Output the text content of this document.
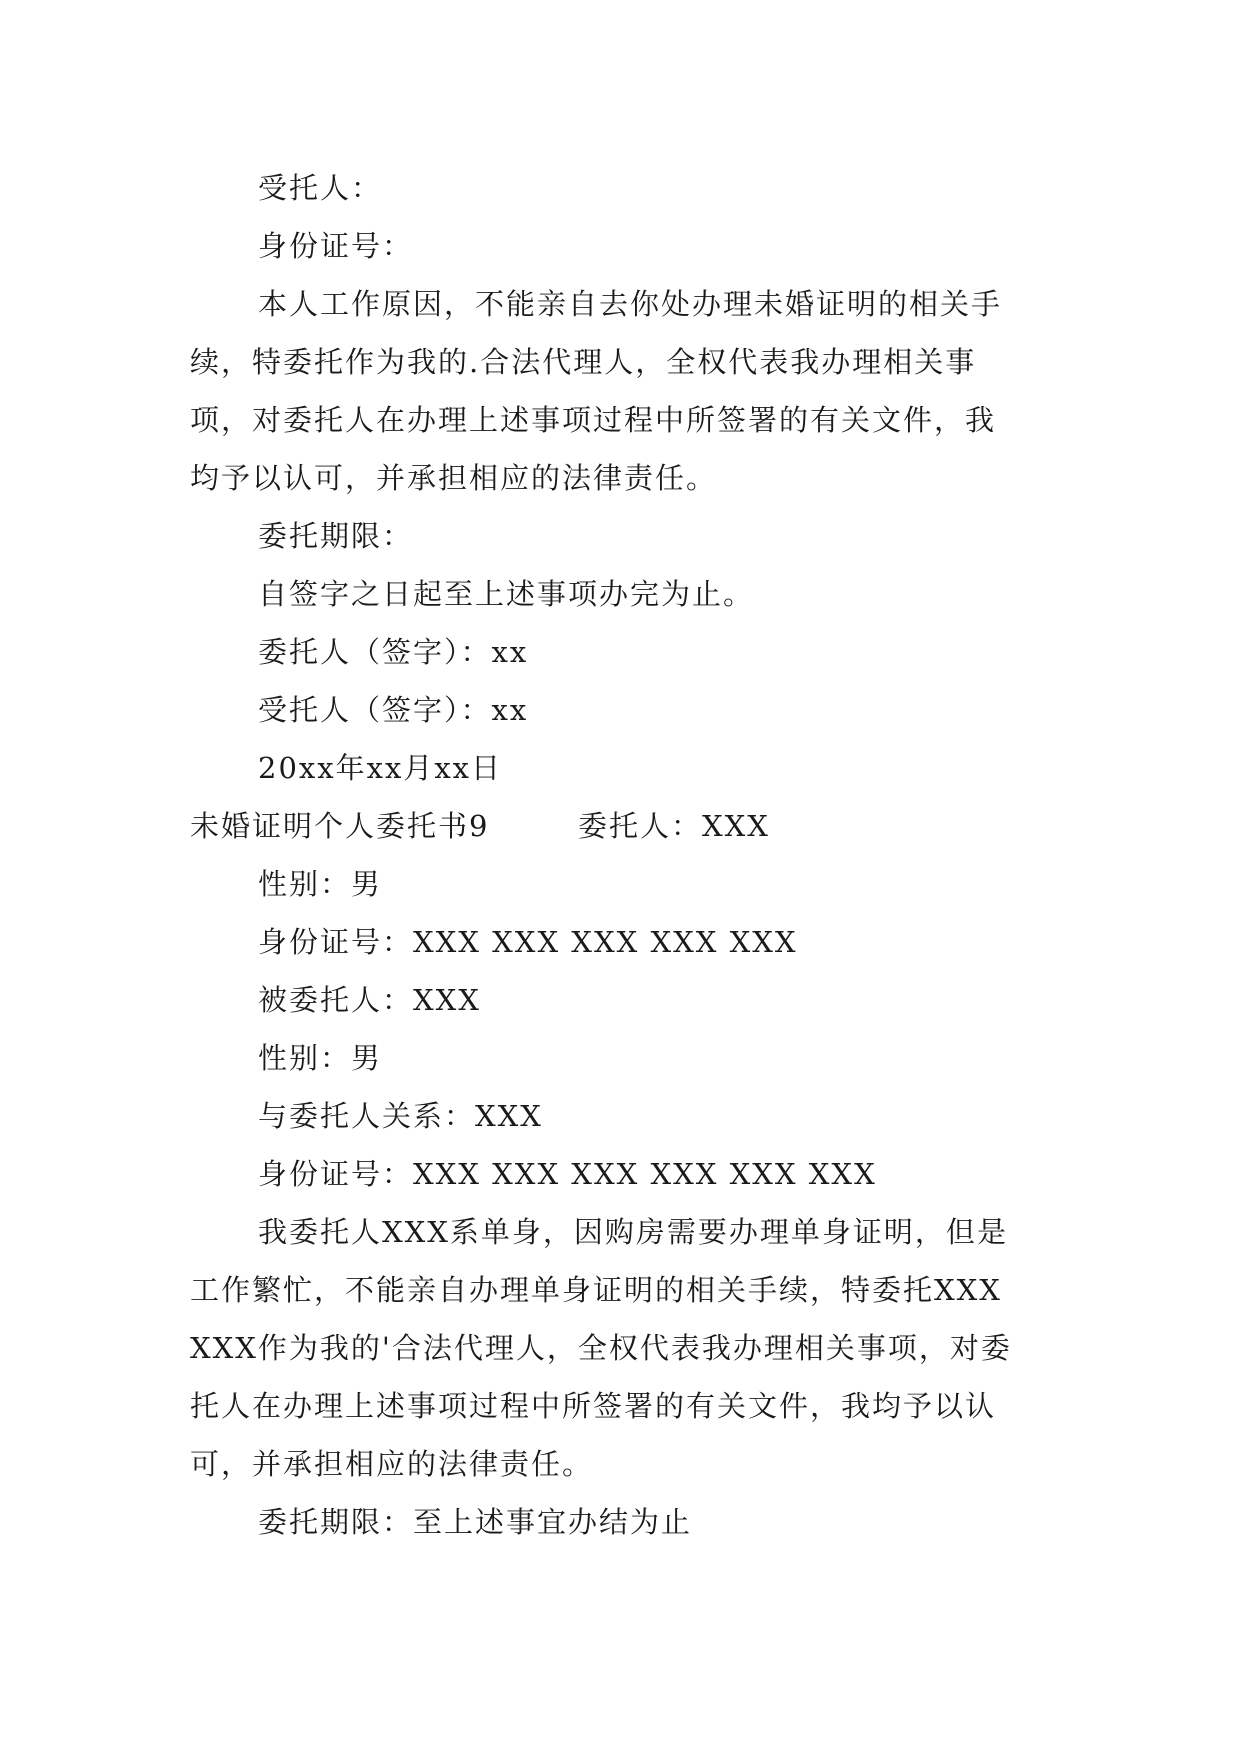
受托人：
身份证号：
本人工作原因，不能亲自去你处办理未婚证明的相关手
续，特委托作为我的.合法代理人，全权代表我办理相关事
项，对委托人在办理上述事项过程中所签署的有关文件，我
均予以认可，并承担相应的法律责任。
委托期限：
自签字之日起至上述事项办完为止。
委托人（签字）：xx
受托人（签字）：xx
20xx年xx月xx日
未婚证明个人委托书9	委托人：XXX
性别：男
身份证号：XXX XXX XXX XXX XXX
被委托人：XXX
性别：男
与委托人关系：XXX
身份证号：XXX XXX XXX XXX XXX XXX
我委托人XXX系单身，因购房需要办理单身证明，但是
工作繁忙，不能亲自办理单身证明的相关手续，特委托XXX
XXX作为我的'合法代理人，全权代表我办理相关事项，对委
托人在办理上述事项过程中所签署的有关文件，我均予以认
可，并承担相应的法律责任。
委托期限：至上述事宜办结为止
